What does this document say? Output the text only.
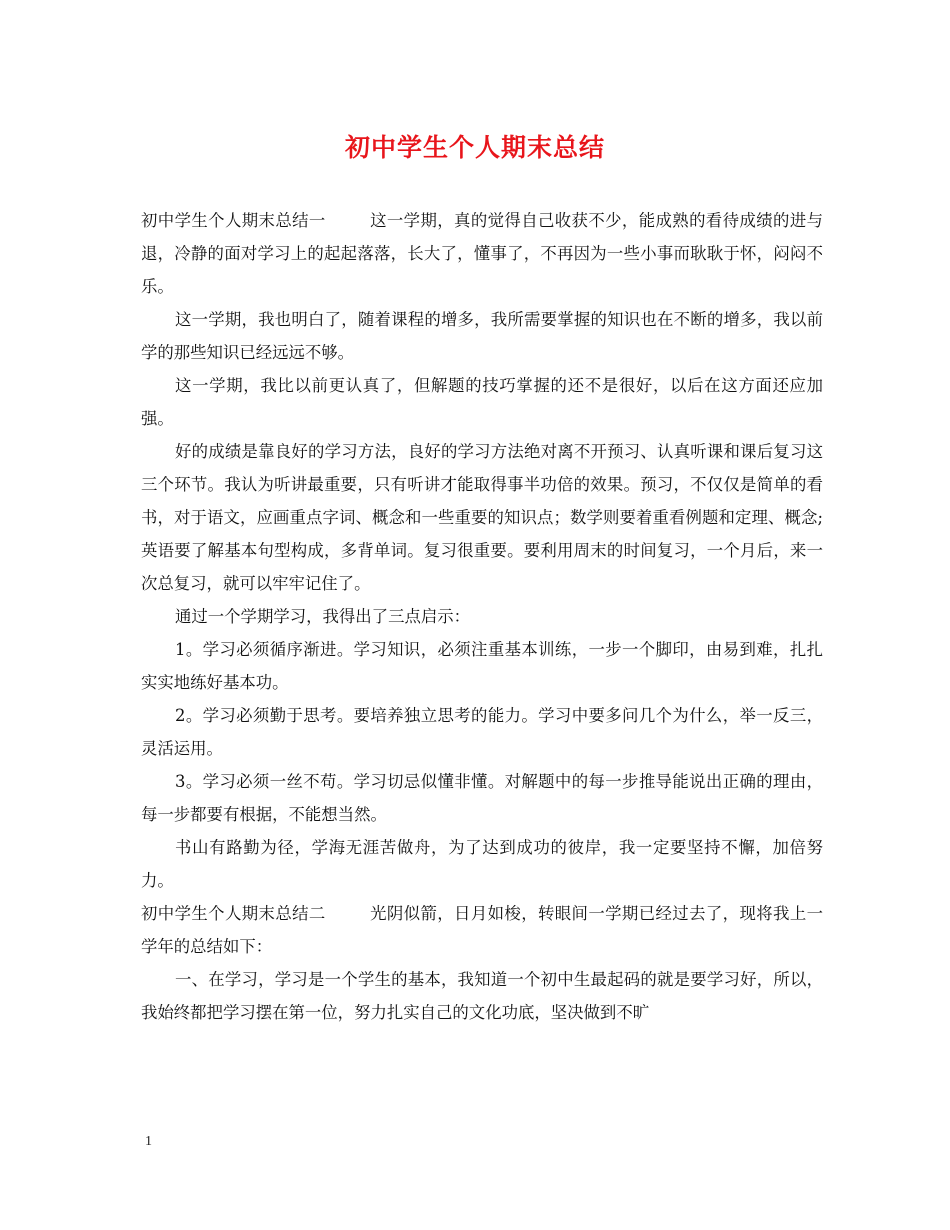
初中学生个人期末总结

初中学生个人期末总结一	这一学期，真的觉得自己收获不少，能成熟的看待成绩的进与退，冷静的面对学习上的起起落落，长大了，懂事了，不再因为一些小事而耿耿于怀，闷闷不乐。

这一学期，我也明白了，随着课程的增多，我所需要掌握的知识也在不断的增多，我以前学的那些知识已经远远不够。

这一学期，我比以前更认真了，但解题的技巧掌握的还不是很好，以后在这方面还应加强。

好的成绩是靠良好的学习方法，良好的学习方法绝对离不开预习、认真听课和课后复习这三个环节。我认为听讲最重要，只有听讲才能取得事半功倍的效果。预习，不仅仅是简单的看书，对于语文，应画重点字词、概念和一些重要的知识点；数学则要着重看例题和定理、概念;英语要了解基本句型构成，多背单词。复习很重要。要利用周末的时间复习，一个月后，来一次总复习，就可以牢牢记住了。

通过一个学期学习，我得出了三点启示：

1。学习必须循序渐进。学习知识，必须注重基本训练，一步一个脚印，由易到难，扎扎实实地练好基本功。

2。学习必须勤于思考。要培养独立思考的能力。学习中要多问几个为什么，举一反三，灵活运用。

3。学习必须一丝不苟。学习切忌似懂非懂。对解题中的每一步推导能说出正确的理由，每一步都要有根据，不能想当然。

书山有路勤为径，学海无涯苦做舟，为了达到成功的彼岸，我一定要坚持不懈，加倍努力。

初中学生个人期末总结二	光阴似箭，日月如梭，转眼间一学期已经过去了，现将我上一学年的总结如下：

一、在学习，学习是一个学生的基本，我知道一个初中生最起码的就是要学习好，所以，我始终都把学习摆在第一位，努力扎实自己的文化功底，坚决做到不旷

1
